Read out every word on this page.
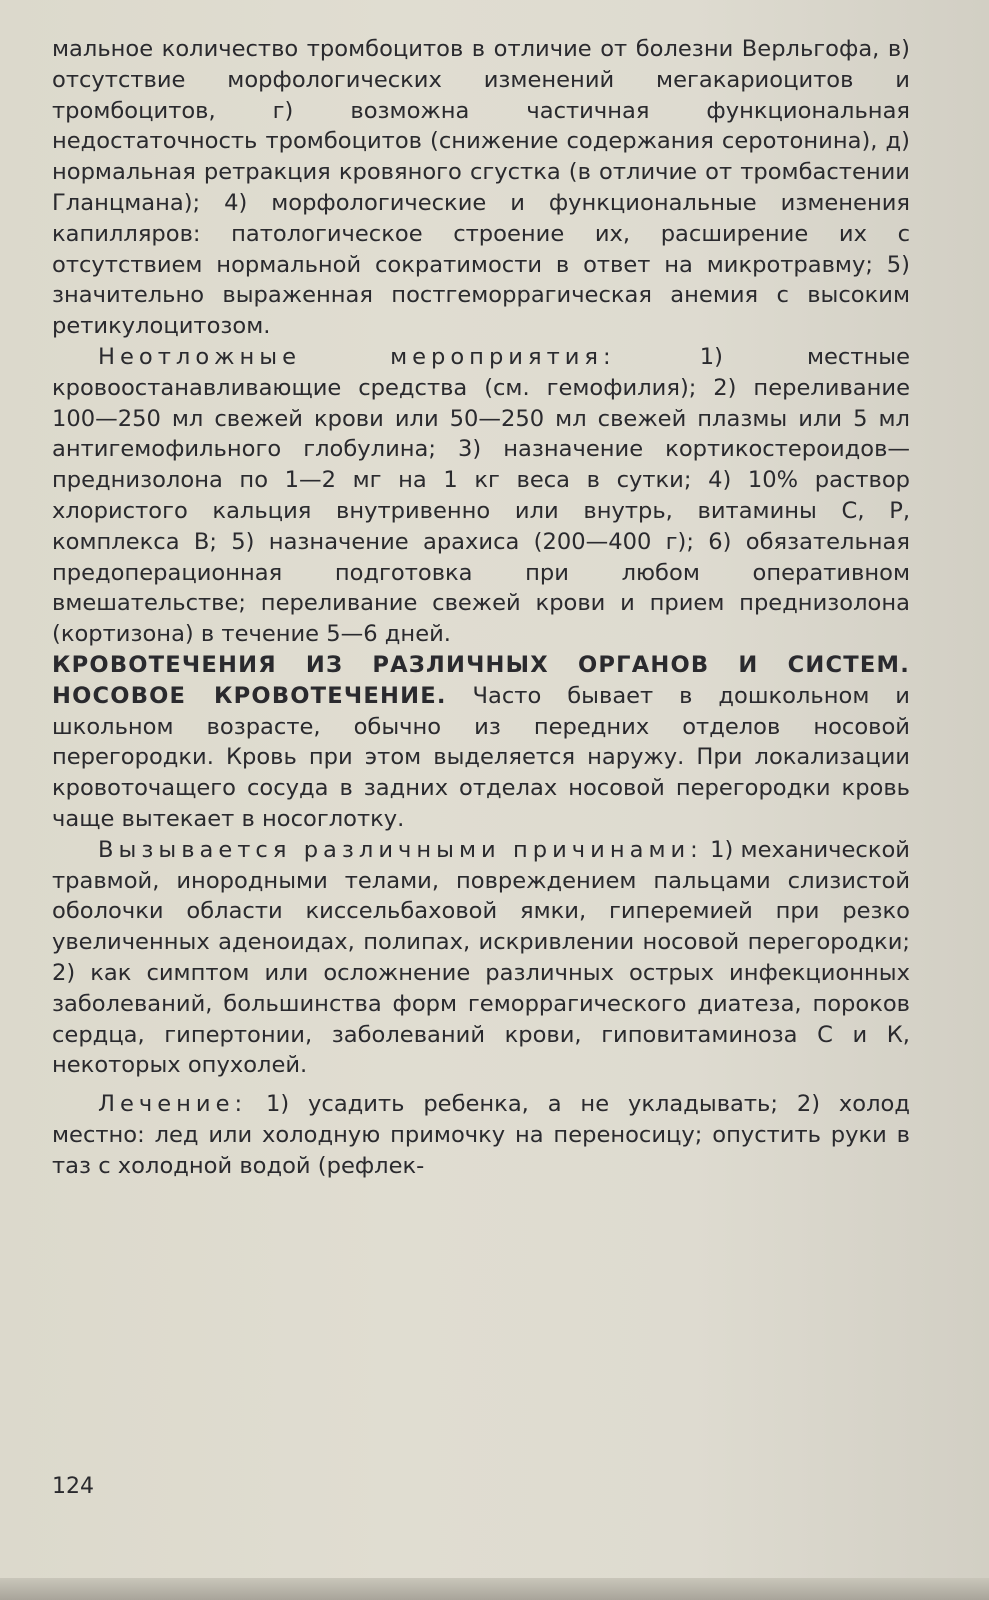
мальное количество тромбоцитов в отличие от болезни Верльгофа, в) отсутствие морфологических изменений мегакариоцитов и тромбоцитов, г) возможна частичная функциональная недостаточность тромбоцитов (снижение содержания серотонина), д) нормальная ретракция кровяного сгустка (в отличие от тромбастении Гланцмана); 4) морфологические и функциональные изменения капилляров: патологическое строение их, расширение их с отсутствием нормальной сократимости в ответ на микротравму; 5) значительно выраженная постгеморрагическая анемия с высоким ретикулоцитозом.

Неотложные мероприятия: 1) местные кровоостанавливающие средства (см. гемофилия); 2) переливание 100—250 мл свежей крови или 50—250 мл свежей плазмы или 5 мл антигемофильного глобулина; 3) назначение кортикостероидов—преднизолона по 1—2 мг на 1 кг веса в сутки; 4) 10% раствор хлористого кальция внутривенно или внутрь, витамины С, Р, комплекса В; 5) назначение арахиса (200—400 г); 6) обязательная предоперационная подготовка при любом оперативном вмешательстве; переливание свежей крови и прием преднизолона (кортизона) в течение 5—6 дней.

КРОВОТЕЧЕНИЯ ИЗ РАЗЛИЧНЫХ ОРГАНОВ И СИСТЕМ. НОСОВОЕ КРОВОТЕЧЕНИЕ. Часто бывает в дошкольном и школьном возрасте, обычно из передних отделов носовой перегородки. Кровь при этом выделяется наружу. При локализации кровоточащего сосуда в задних отделах носовой перегородки кровь чаще вытекает в носоглотку.

Вызывается различными причинами: 1) механической травмой, инородными телами, повреждением пальцами слизистой оболочки области киссельбаховой ямки, гиперемией при резко увеличенных аденоидах, полипах, искривлении носовой перегородки; 2) как симптом или осложнение различных острых инфекционных заболеваний, большинства форм геморрагического диатеза, пороков сердца, гипертонии, заболеваний крови, гиповитаминоза С и К, некоторых опухолей.

Лечение: 1) усадить ребенка, а не укладывать; 2) холод местно: лед или холодную примочку на переносицу; опустить руки в таз с холодной водой (рефлек-

124
